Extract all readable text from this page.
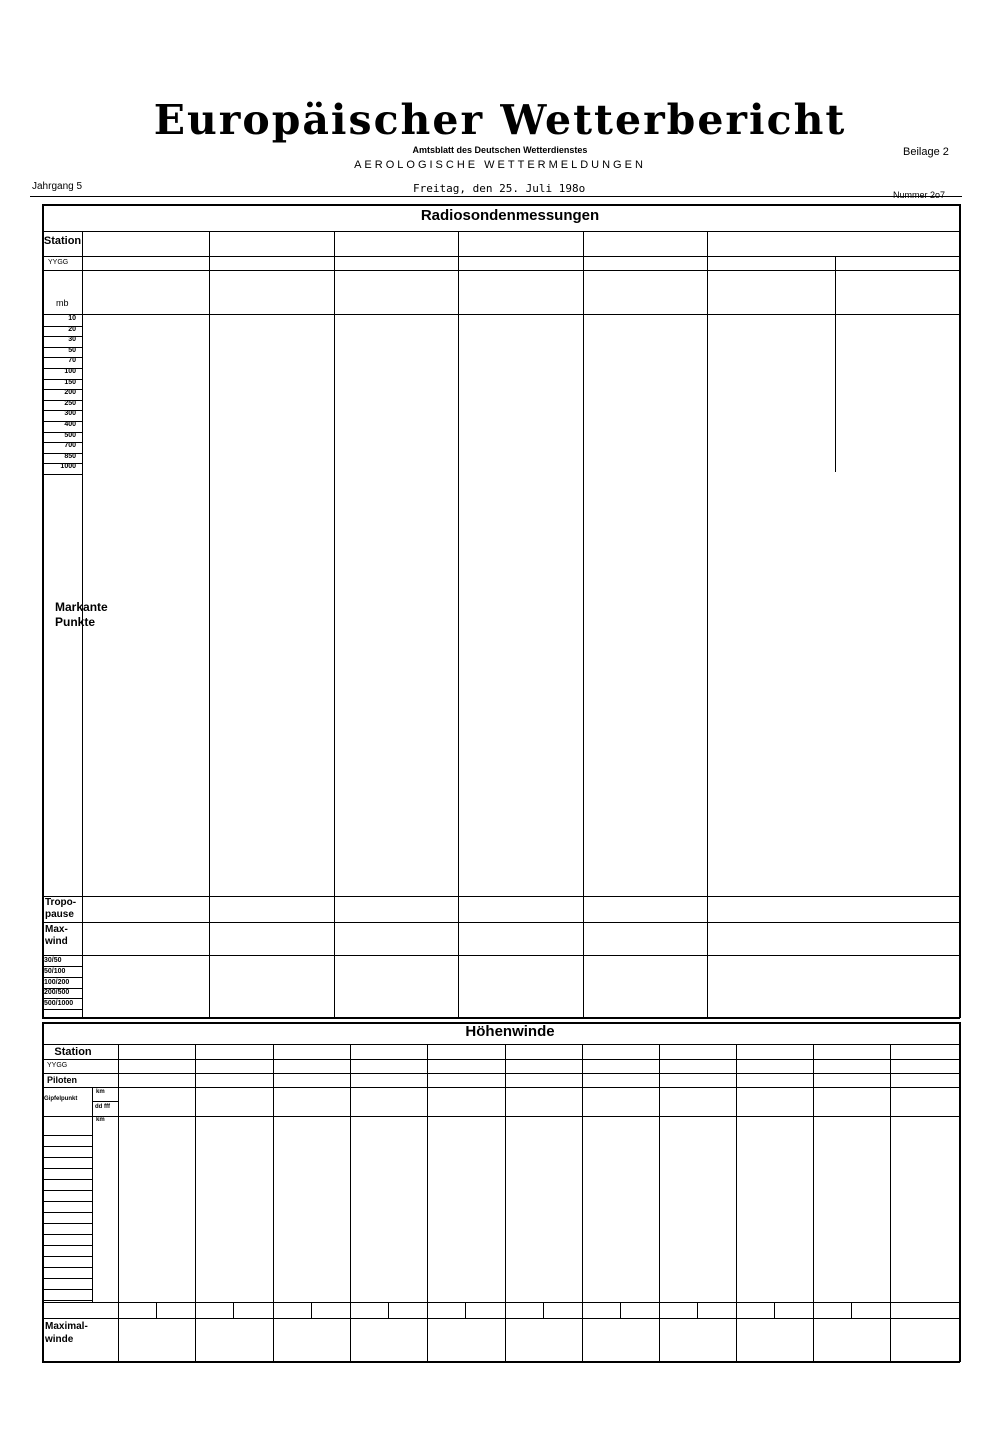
Europäischer Wetterbericht
Amtsblatt des Deutschen Wetterdienstes
AEROLOGISCHE WETTERMELDUNGEN
Beilage 2
Jahrgang 5	Freitag, den 25. Juli 198o	Nummer 2o7
Radiosondenmessungen
Station
YYGG
mb
10
20
30
50
70
100
150
200
250
300
400
500
700
850
1000
Markante Punkte
Tropo-
pause
Max-
wind
30/50
50/100
100/200
200/500
500/1000
Höhenwinde
Station
YYGG
Piloten
Gipfelpunkt
km
dd fff
km
Maximal-
winde
